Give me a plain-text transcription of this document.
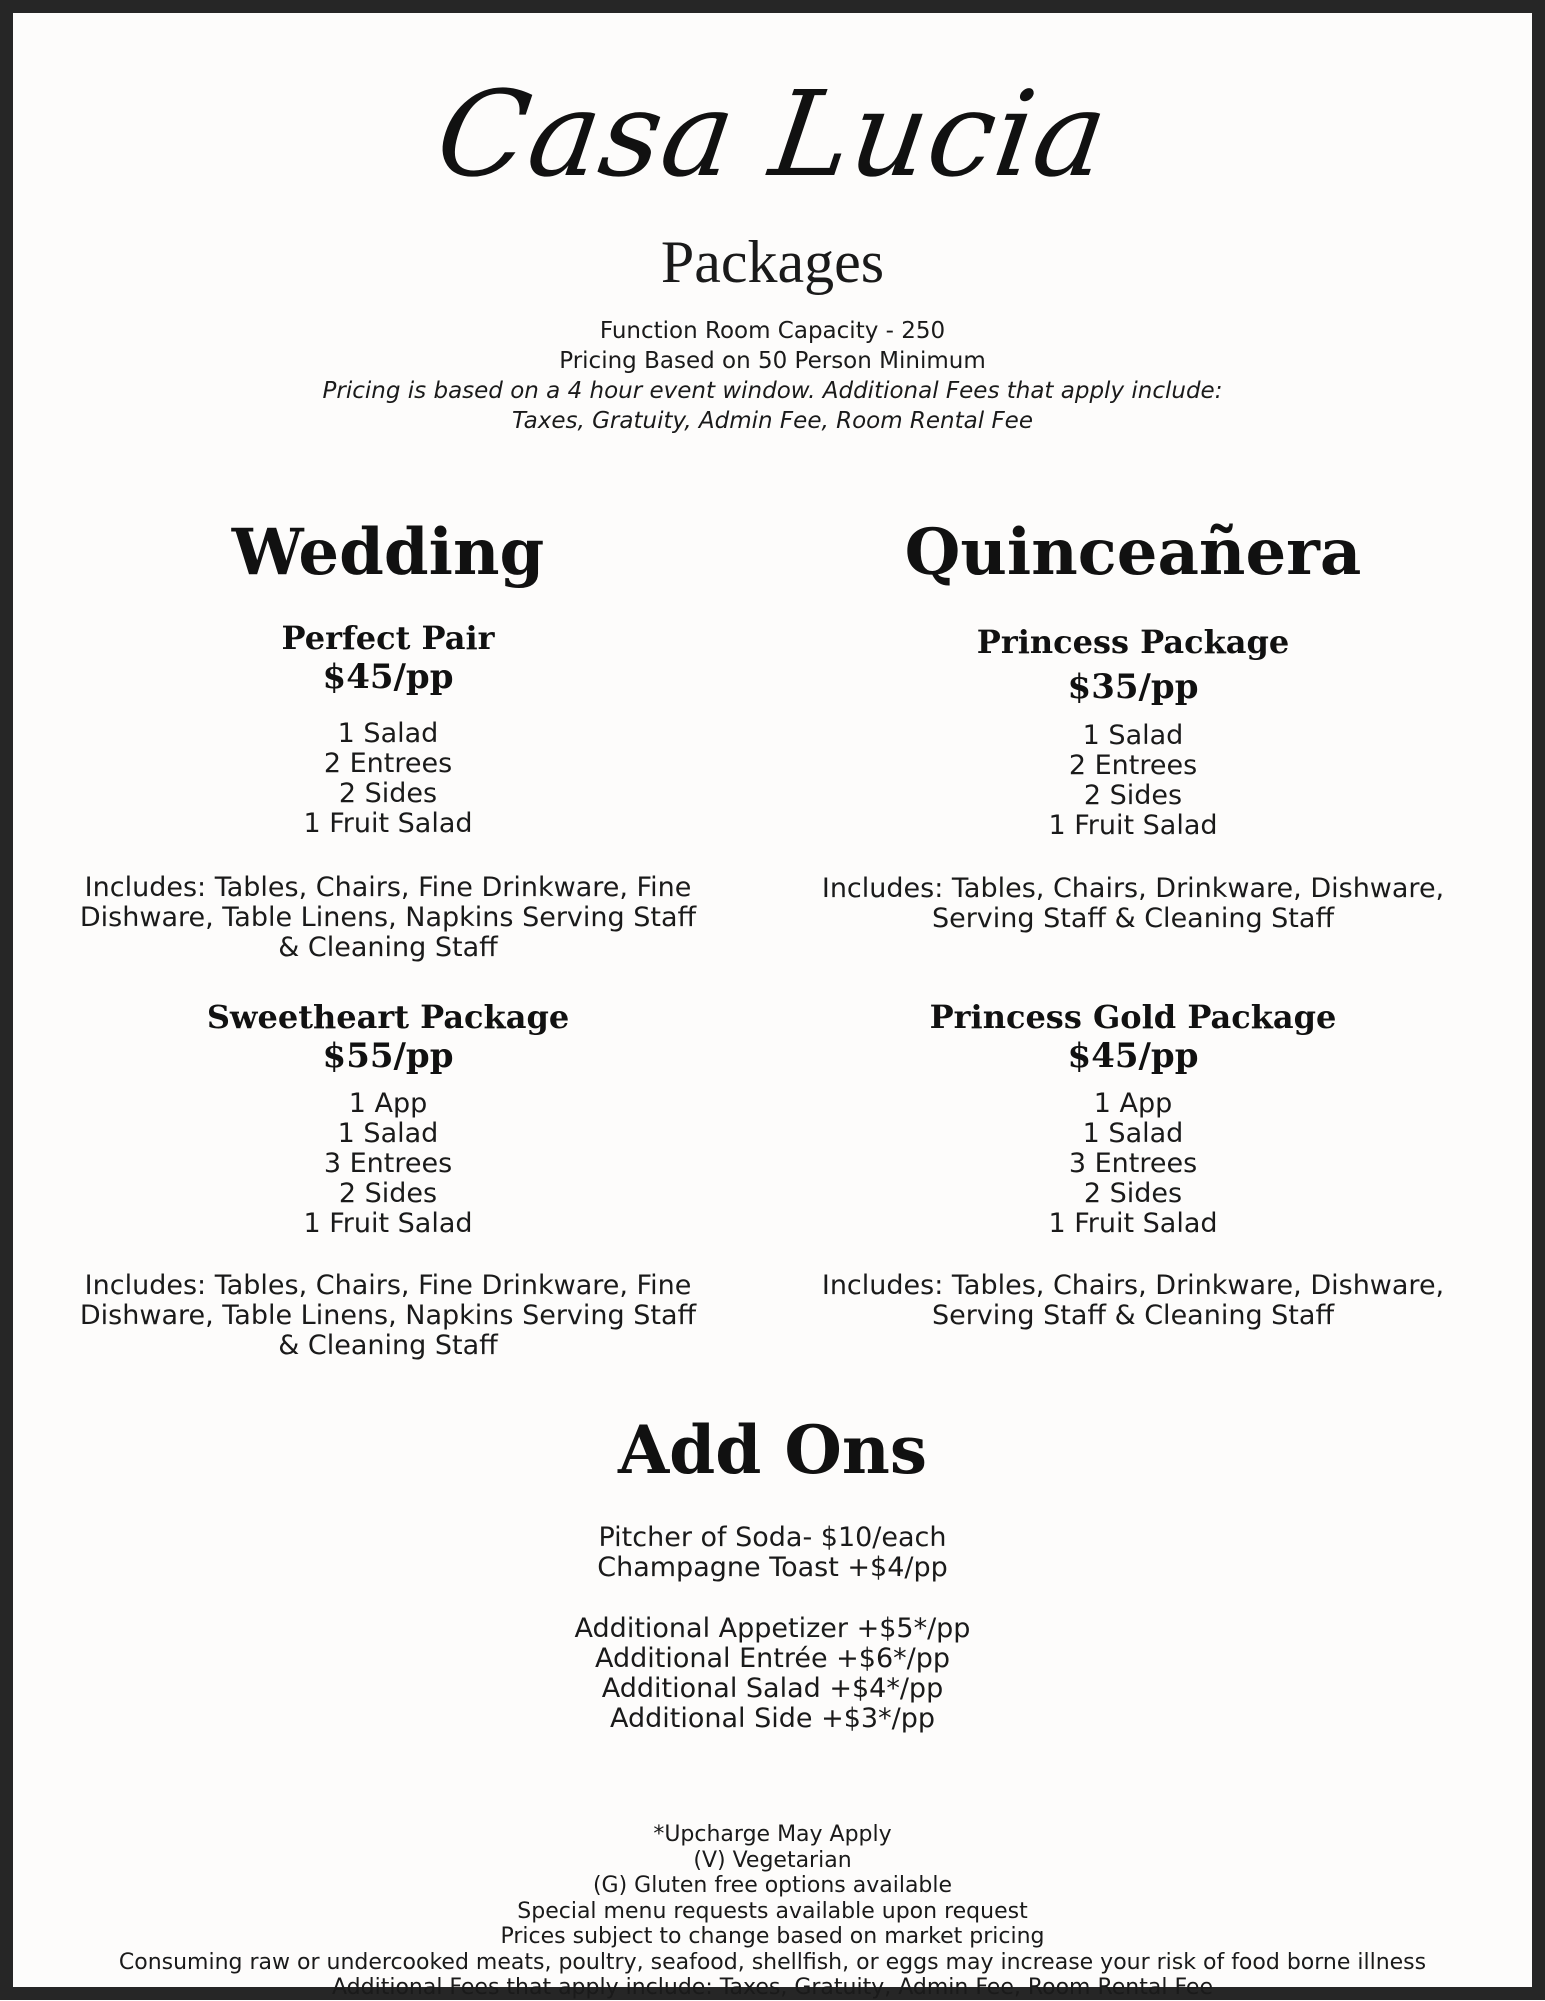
Casa Lucia
Packages
Function Room Capacity - 250
Pricing Based on 50 Person Minimum
Pricing is based on a 4 hour event window. Additional Fees that apply include:
Taxes, Gratuity, Admin Fee, Room Rental Fee
Wedding
Perfect Pair
$45/pp
1 Salad
2 Entrees
2 Sides
1 Fruit Salad
Includes: Tables, Chairs, Fine Drinkware, Fine
Dishware, Table Linens, Napkins Serving Staff
& Cleaning Staff
Sweetheart Package
$55/pp
1 App
1 Salad
3 Entrees
2 Sides
1 Fruit Salad
Includes: Tables, Chairs, Fine Drinkware, Fine
Dishware, Table Linens, Napkins Serving Staff
& Cleaning Staff
Quinceañera
Princess Package
$35/pp
1 Salad
2 Entrees
2 Sides
1 Fruit Salad
Includes: Tables, Chairs, Drinkware, Dishware,
Serving Staff & Cleaning Staff
Princess Gold Package
$45/pp
1 App
1 Salad
3 Entrees
2 Sides
1 Fruit Salad
Includes: Tables, Chairs, Drinkware, Dishware,
Serving Staff & Cleaning Staff
Add Ons
Pitcher of Soda- $10/each
Champagne Toast +$4/pp
Additional Appetizer +$5*/pp
Additional Entrée +$6*/pp
Additional Salad +$4*/pp
Additional Side +$3*/pp
*Upcharge May Apply
(V) Vegetarian
(G) Gluten free options available
Special menu requests available upon request
Prices subject to change based on market pricing
Consuming raw or undercooked meats, poultry, seafood, shellfish, or eggs may increase your risk of food borne illness
Additional Fees that apply include: Taxes, Gratuity, Admin Fee, Room Rental Fee
